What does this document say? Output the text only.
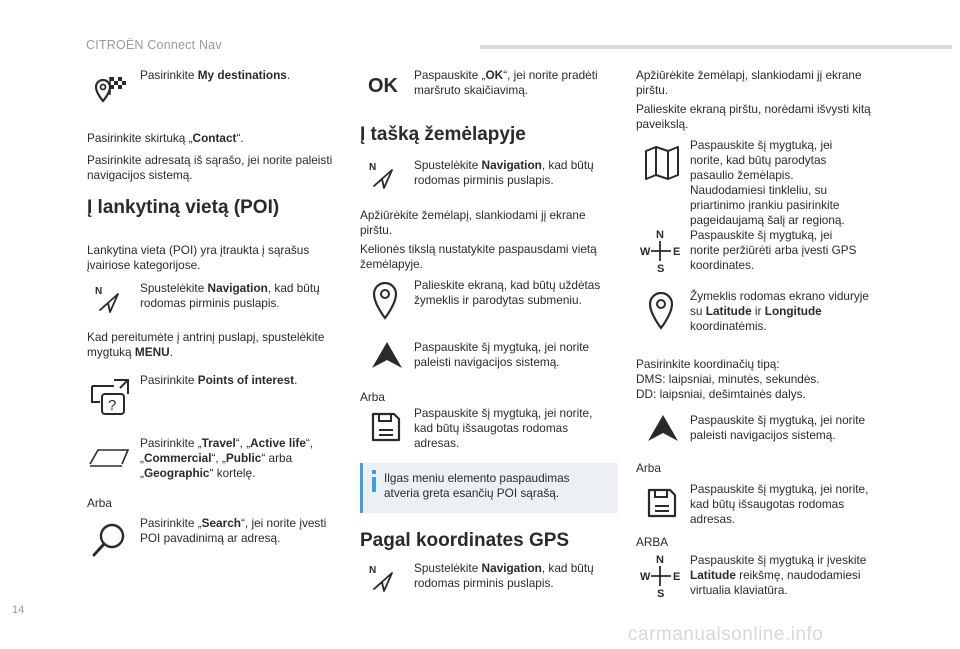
CITROËN Connect Nav

Pasirinkite My destinations.

Pasirinkite skirtuką „Contact“.

Pasirinkite adresatą iš sąrašo, jei norite paleisti navigacijos sistemą.

Į lankytiną vietą (POI)

Lankytina vieta (POI) yra įtraukta į sąrašus įvairiose kategorijose.

N	Spustelėkite Navigation, kad būtų rodomas pirminis puslapis.

Kad pereitumėte į antrinį puslapį, spustelėkite mygtuką MENU.

?

Pasirinkite Points of interest.

Pasirinkite „Travel“, „Active life“, „Commercial“, „Public“ arba „Geographic“ kortelę.

Arba

Pasirinkite „Search“, jei norite įvesti POI pavadinimą ar adresą.

OK Paspauskite „OK“, jei norite pradėti maršruto skaičiavimą.

Į tašką žemėlapyje
N	Spustelėkite Navigation, kad būtų rodomas pirminis puslapis.

Apžiūrėkite žemėlapį, slankiodami jį ekrane pirštu.

Kelionės tikslą nustatykite paspausdami vietą žemėlapyje.

Palieskite ekraną, kad būtų uždėtas žymeklis ir parodytas submeniu.

Paspauskite šį mygtuką, jei norite paleisti navigacijos sistemą.

Arba

Paspauskite šį mygtuką, jei norite, kad būtų išsaugotas rodomas adresas.

Ilgas meniu elemento paspaudimas atveria greta esančių POI sąrašą.

Pagal koordinates GPS
N	Spustelėkite Navigation, kad būtų rodomas pirminis puslapis.

Apžiūrėkite žemėlapį, slankiodami jį ekrane pirštu.

Palieskite ekraną pirštu, norėdami išvysti kitą paveikslą.

Paspauskite šį mygtuką, jei norite, kad būtų parodytas pasaulio žemėlapis.
Naudodamiesi tinkleliu, su priartinimo įrankiu pasirinkite pageidaujamą šalį ar regioną.

N
W E
S

Paspauskite šį mygtuką, jei norite peržiūrėti arba įvesti GPS koordinates.

Žymeklis rodomas ekrano viduryje su Latitude ir Longitude koordinatėmis.

Pasirinkite koordinačių tipą:
DMS: laipsniai, minutės, sekundės.
DD: laipsniai, dešimtainės dalys.

Paspauskite šį mygtuką, jei norite paleisti navigacijos sistemą.

Arba

Paspauskite šį mygtuką, jei norite, kad būtų išsaugotas rodomas adresas.

ARBA

N
W E
S

Paspauskite šį mygtuką ir įveskite Latitude reikšmę, naudodamiesi virtualia klaviatūra.

14
carmanualsonline.info
